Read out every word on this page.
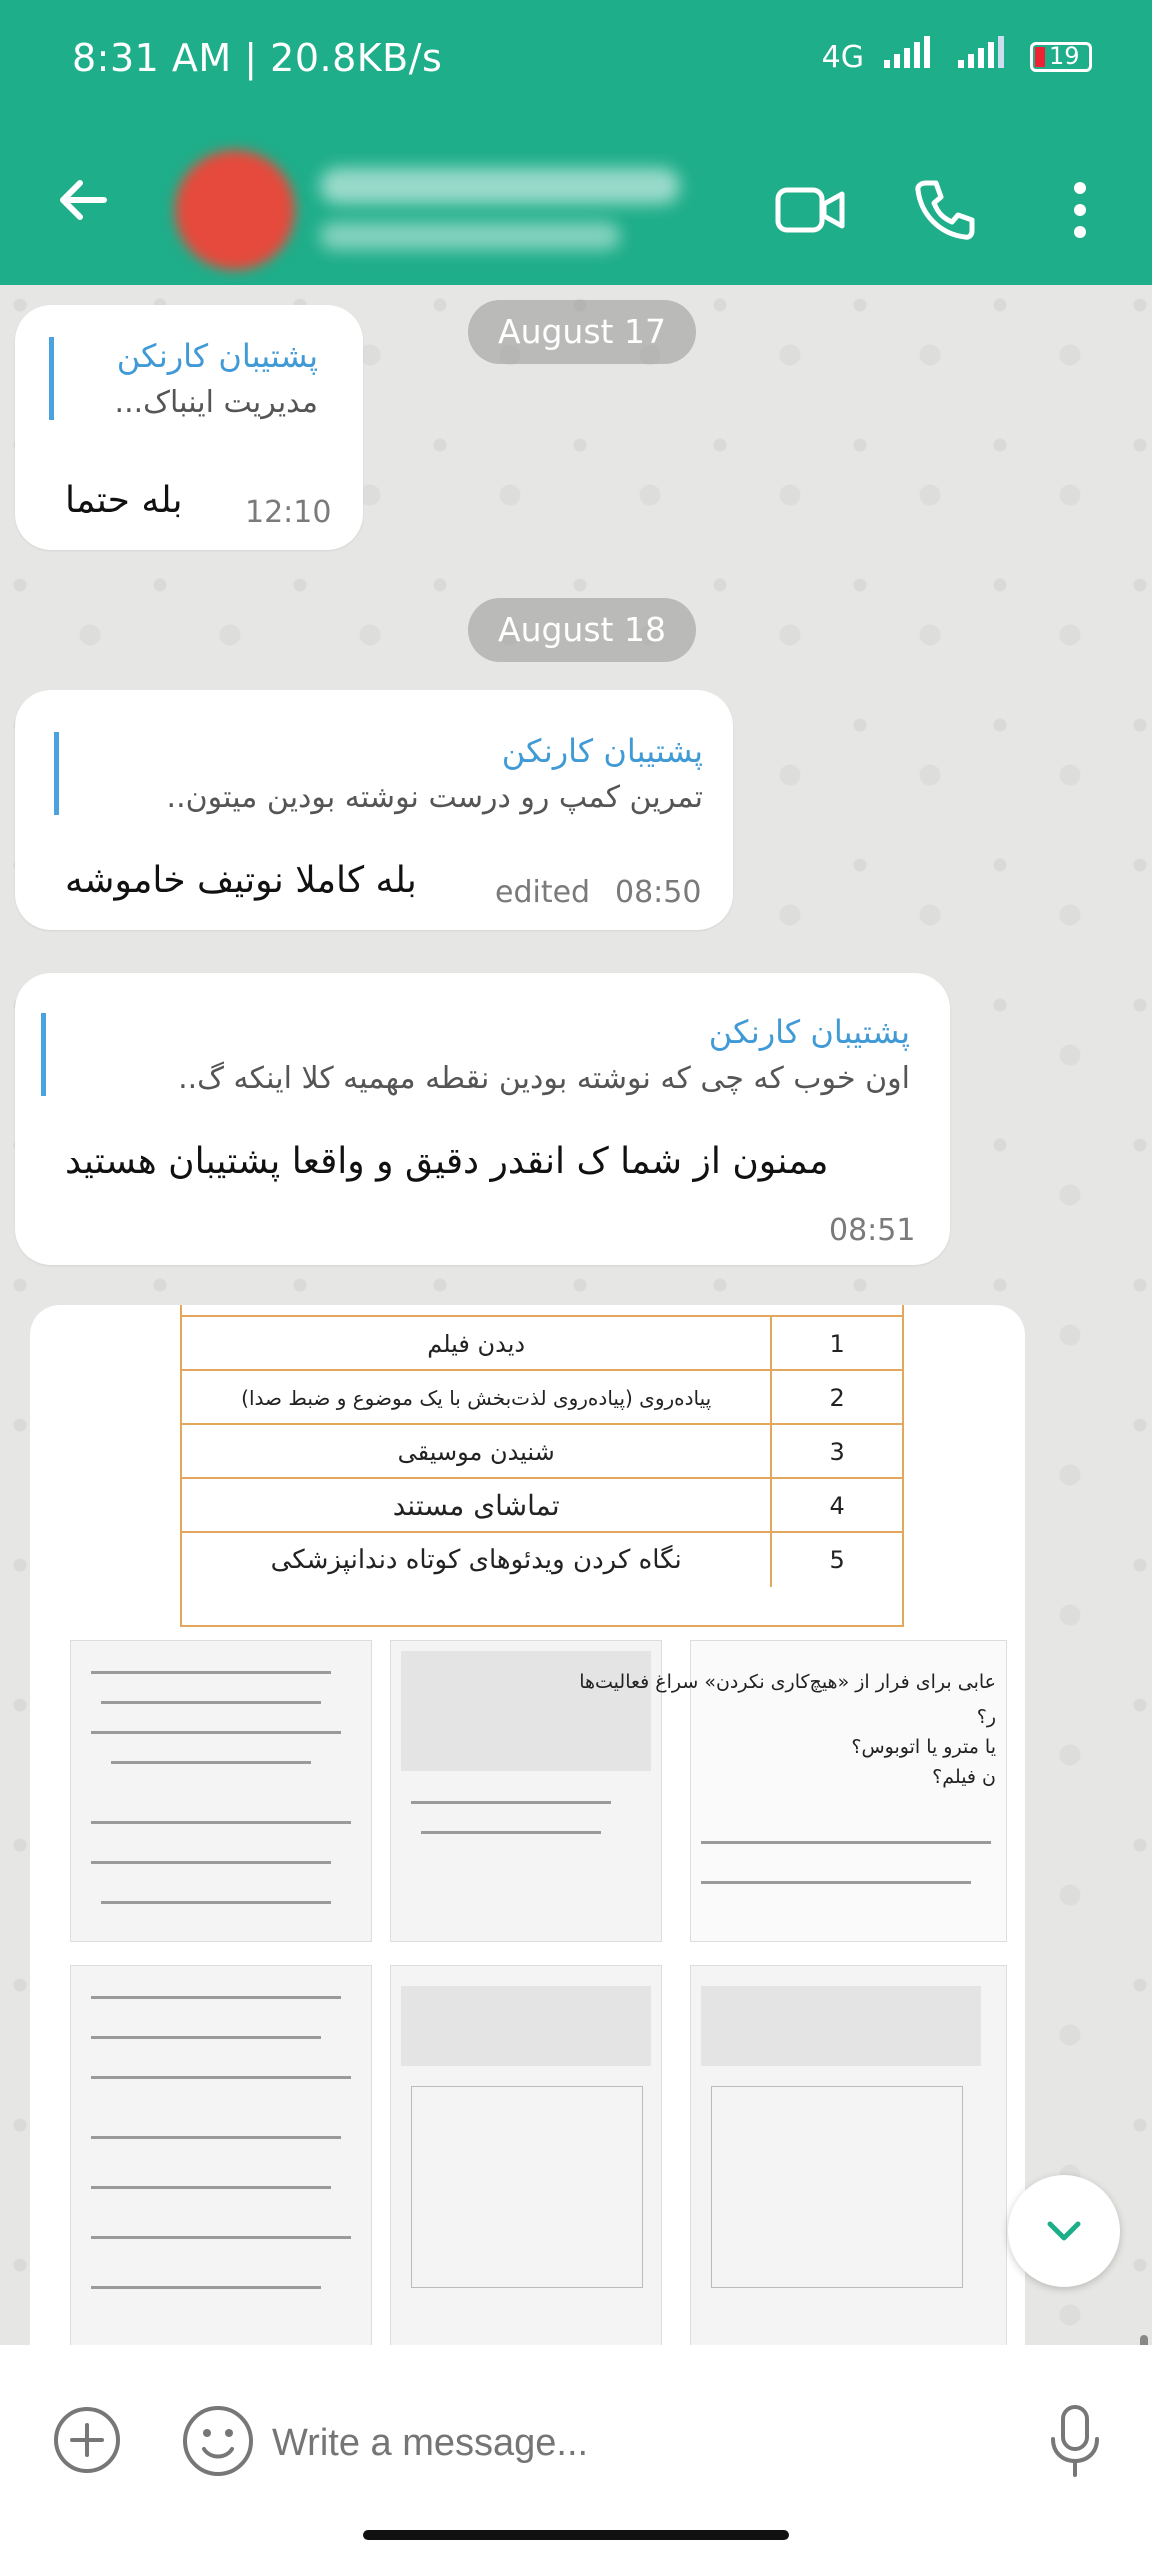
8:31 AM | 20.8KB/s	4G	19
August 17
پشتیبان کارنکن
مدیریت اینباک...
بله حتما 12:10
August 18
پشتیبان کارنکن
تمرین کمپ رو درست نوشته بودین میتون..
بله کاملا نوتیف خاموشه	edited 08:50
پشتیبان کارنکن
اون خوب که چی که نوشته بودین نقطه مهمیه کلا اینکه گ..
ممنون از شما ک انقدر دقیق و واقعا پشتیبان هستید
08:51
دیدن فیلم	1
پیاده‌روی (پیاده‌روی لذت‌بخش با یک موضوع و ضبط صدا)	2
شنیدن موسیقی	3
تماشای مستند	4
نگاه کردن ویدئوهای کوتاه دندانپزشکی	5
عابی برای فرار از «هیچ‌کاری نکردن» سراغ فعالیت‌ها
ر؟
یا مترو یا اتوبوس؟
ن فیلم؟
Write a message...
